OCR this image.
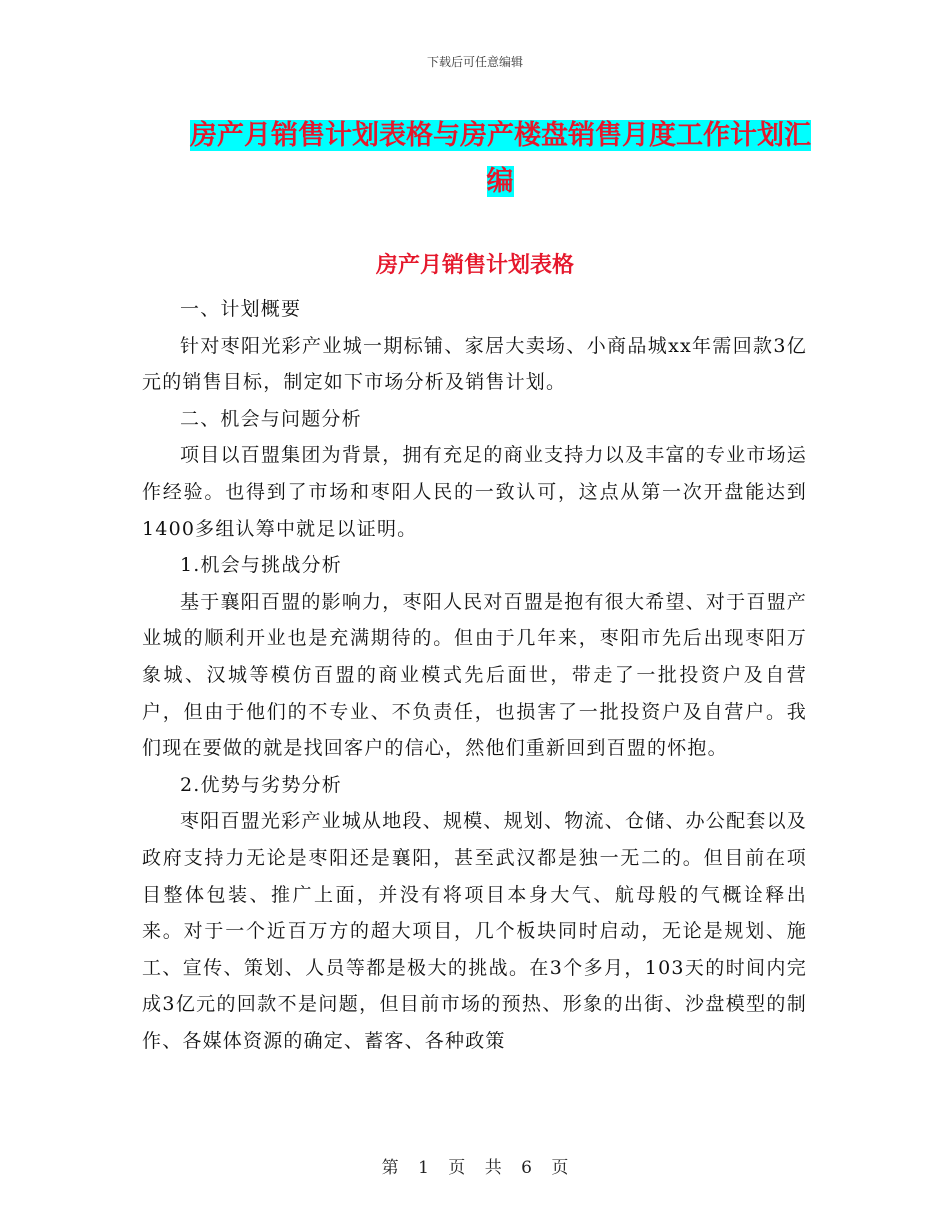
下载后可任意编辑
房产月销售计划表格与房产楼盘销售月度工作计划汇
编
房产月销售计划表格

一、计划概要

针对枣阳光彩产业城一期标铺、家居大卖场、小商品城xx年需回款3亿元的销售目标，制定如下市场分析及销售计划。

二、机会与问题分析

项目以百盟集团为背景，拥有充足的商业支持力以及丰富的专业市场运作经验。也得到了市场和枣阳人民的一致认可，这点从第一次开盘能达到1400多组认筹中就足以证明。

1.机会与挑战分析

基于襄阳百盟的影响力，枣阳人民对百盟是抱有很大希望、对于百盟产业城的顺利开业也是充满期待的。但由于几年来，枣阳市先后出现枣阳万象城、汉城等模仿百盟的商业模式先后面世，带走了一批投资户及自营户，但由于他们的不专业、不负责任，也损害了一批投资户及自营户。我们现在要做的就是找回客户的信心，然他们重新回到百盟的怀抱。

2.优势与劣势分析

枣阳百盟光彩产业城从地段、规模、规划、物流、仓储、办公配套以及政府支持力无论是枣阳还是襄阳，甚至武汉都是独一无二的。但目前在项目整体包装、推广上面，并没有将项目本身大气、航母般的气概诠释出来。对于一个近百万方的超大项目，几个板块同时启动，无论是规划、施工、宣传、策划、人员等都是极大的挑战。在3个多月，103天的时间内完成3亿元的回款不是问题，但目前市场的预热、形象的出街、沙盘模型的制作、各媒体资源的确定、蓄客、各种政策

第 1 页 共 6 页
